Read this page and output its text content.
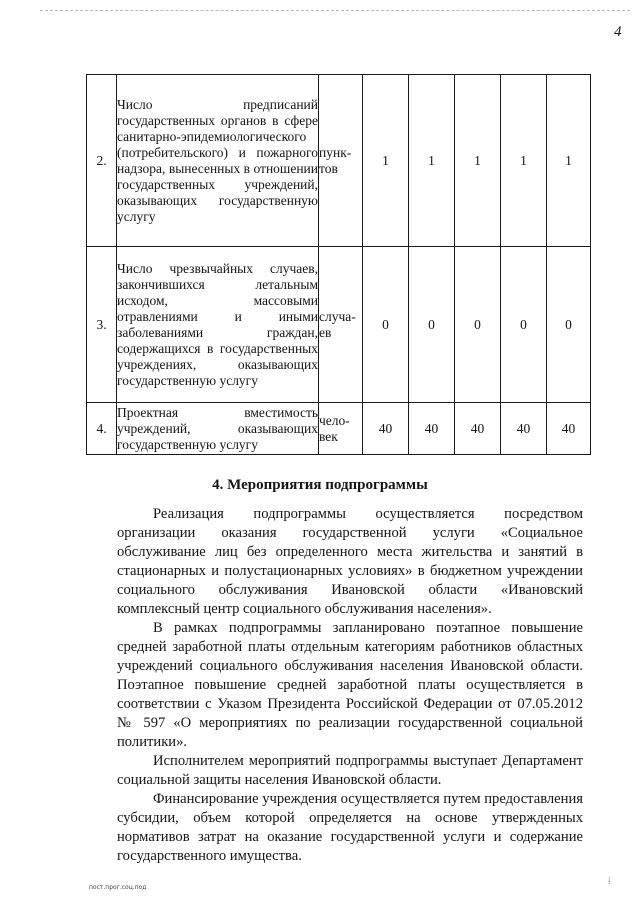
4
2.	Число предписаний государственных органов в сфере санитарно-эпидемиологического (потребительского) и пожарного надзора, вынесенных в отношении государственных учреждений, оказывающих государственную услугу	пунк-тов	1	1	1	1	1
3.	Число чрезвычайных случаев, закончившихся летальным исходом, массовыми отравлениями и иными заболеваниями граждан, содержащихся в государственных учреждениях, оказывающих государственную услугу	случа-ев	0	0	0	0	0
4.	Проектная вместимость учреждений, оказывающих государственную услугу	чело-век	40	40	40	40	40
4. Мероприятия подпрограммы

Реализация подпрограммы осуществляется посредством организации оказания государственной услуги «Социальное обслуживание лиц без определенного места жительства и занятий в стационарных и полустационарных условиях» в бюджетном учреждении социального обслуживания Ивановской области «Ивановский комплексный центр социального обслуживания населения».

В рамках подпрограммы запланировано поэтапное повышение средней заработной платы отдельным категориям работников областных учреждений социального обслуживания населения Ивановской области. Поэтапное повышение средней заработной платы осуществляется в соответствии с Указом Президента Российской Федерации от 07.05.2012 № 597 «О мероприятиях по реализации государственной социальной политики».

Исполнителем мероприятий подпрограммы выступает Департамент социальной защиты населения Ивановской области.

Финансирование учреждения осуществляется путем предоставления субсидии, объем которой определяется на основе утвержденных нормативов затрат на оказание государственной услуги и содержание государственного имущества.

пост.прог.соц.под
⁞
